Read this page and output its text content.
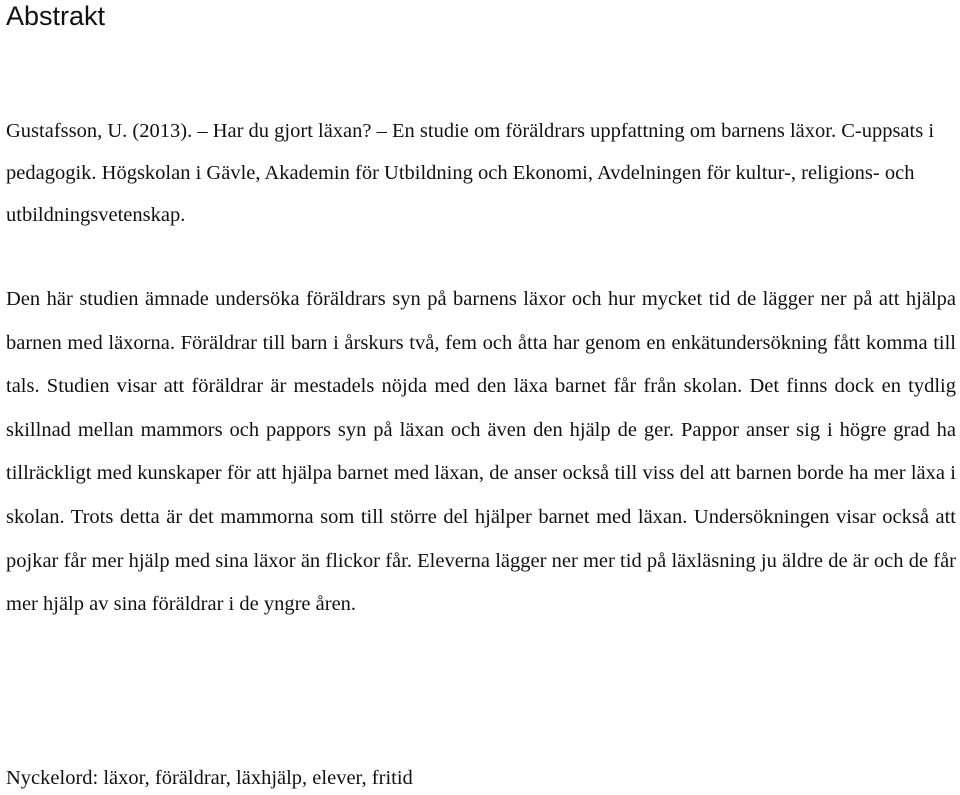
Abstrakt

Gustafsson, U. (2013). – Har du gjort läxan? – En studie om föräldrars uppfattning om barnens läxor. C-uppsats i pedagogik. Högskolan i Gävle, Akademin för Utbildning och Ekonomi, Avdelningen för kultur-, religions- och utbildningsvetenskap.

Den här studien ämnade undersöka föräldrars syn på barnens läxor och hur mycket tid de lägger ner på att hjälpa barnen med läxorna. Föräldrar till barn i årskurs två, fem och åtta har genom en enkätundersökning fått komma till tals. Studien visar att föräldrar är mestadels nöjda med den läxa barnet får från skolan. Det finns dock en tydlig skillnad mellan mammors och pappors syn på läxan och även den hjälp de ger. Pappor anser sig i högre grad ha tillräckligt med kunskaper för att hjälpa barnet med läxan, de anser också till viss del att barnen borde ha mer läxa i skolan. Trots detta är det mammorna som till större del hjälper barnet med läxan. Undersökningen visar också att pojkar får mer hjälp med sina läxor än flickor får. Eleverna lägger ner mer tid på läxläsning ju äldre de är och de får mer hjälp av sina föräldrar i de yngre åren.

Nyckelord: läxor, föräldrar, läxhjälp, elever, fritid
